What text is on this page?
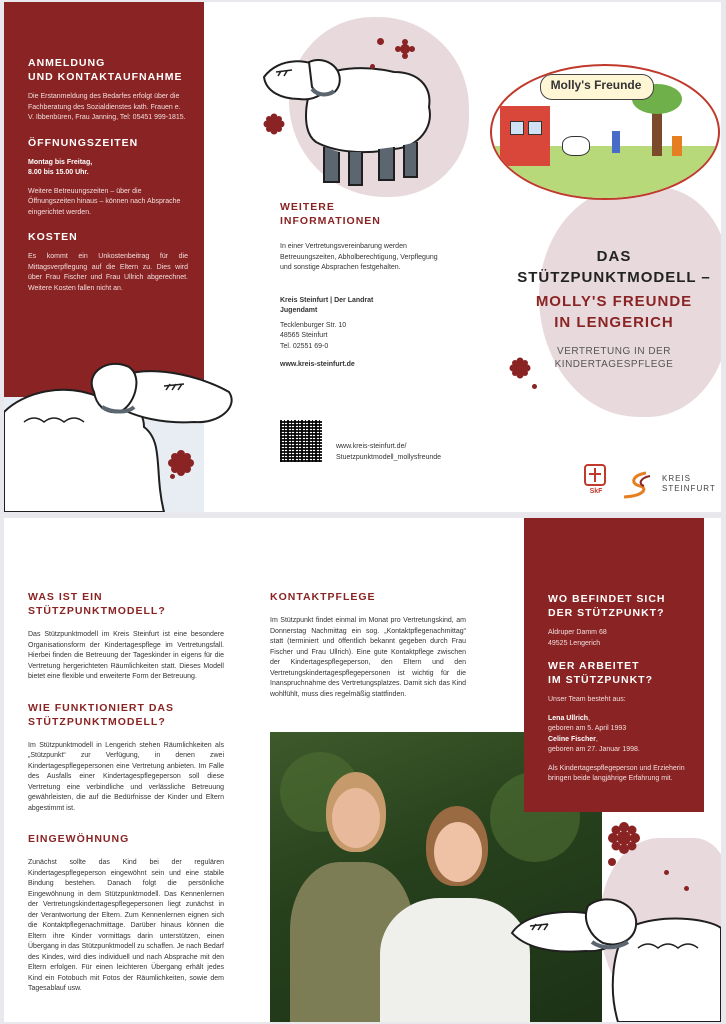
ANMELDUNG
UND KONTAKTAUFNAHME
Die Erstanmeldung des Bedarfes erfolgt über die Fachberatung des Sozialdienstes kath. Frauen e. V. Ibbenbüren, Frau Janning, Tel: 05451 999-1815.
ÖFFNUNGSZEITEN
Montag bis Freitag,
8.00 bis 15.00 Uhr.
Weitere Betreuungszeiten – über die Öffnungszeiten hinaus – können nach Absprache eingerichtet werden.
KOSTEN
Es kommt ein Unkostenbeitrag für die Mittagsverpflegung auf die Eltern zu. Dies wird über Frau Fischer und Frau Ullrich abgerechnet. Weitere Kosten fallen nicht an.
WEITERE
INFORMATIONEN
In einer Vertretungsvereinbarung werden Betreuungszeiten, Abholberechtigung, Verpflegung und sonstige Absprachen festgehalten.
Kreis Steinfurt | Der Landrat
Jugendamt
Tecklenburger Str. 10
48565 Steinfurt
Tel. 02551 69-0
www.kreis-steinfurt.de
www.kreis-steinfurt.de/
Stuetzpunktmodell_mollysfreunde
Molly's Freunde
DAS
STÜTZPUNKTMODELL –
MOLLY'S FREUNDE
IN LENGERICH
VERTRETUNG IN DER
KINDERTAGESPFLEGE
SkF
KREIS
STEINFURT
WAS IST EIN
STÜTZPUNKTMODELL?
Das Stützpunktmodell im Kreis Steinfurt ist eine besondere Organisationsform der Kindertagespflege im Vertretungsfall. Hierbei finden die Betreuung der Tageskinder in eigens für die Vertretung hergerichteten Räumlichkeiten statt. Dieses Modell bietet eine flexible und erweiterte Form der Betreuung.
WIE FUNKTIONIERT DAS
STÜTZPUNKTMODELL?
Im Stützpunktmodell in Lengerich stehen Räumlichkeiten als „Stützpunkt“ zur Verfügung, in denen zwei Kindertagespflegepersonen eine Vertretung anbieten. Im Falle des Ausfalls einer Kindertagespflegeperson soll diese Vertretung eine verbindliche und verlässliche Betreuung gewährleisten, die auf die Bedürfnisse der Kinder und Eltern abgestimmt ist.
EINGEWÖHNUNG
Zunächst sollte das Kind bei der regulären Kindertagespflegeperson eingewöhnt sein und eine stabile Bindung bestehen. Danach folgt die persönliche Eingewöhnung in dem Stützpunktmodell. Das Kennenlernen der Vertretungskindertagespflegepersonen liegt zunächst in der Verantwortung der Eltern. Zum Kennenlernen eignen sich die Kontaktpflegenachmittage. Darüber hinaus können die Eltern ihre Kinder vormittags darin unterstützen, einen Übergang in das Stützpunktmodell zu schaffen. Je nach Bedarf des Kindes, wird dies individuell und nach Absprache mit den Eltern erfolgen. Für einen leichteren Übergang erhält jedes Kind ein Fotobuch mit Fotos der Räumlichkeiten, sowie dem Tagesablauf usw.
KONTAKTPFLEGE
Im Stützpunkt findet einmal im Monat pro Vertretungskind, am Donnerstag Nachmittag ein sog. „Kontaktpflegenachmittag“ statt (terminiert und öffentlich bekannt gegeben durch Frau Fischer und Frau Ullrich). Eine gute Kontaktpflege zwischen der Kindertagespflegeperson, den Eltern und den Vertretungskindertagespflegepersonen ist wichtig für die Inanspruchnahme des Vertretungsplatzes. Damit sich das Kind wohlfühlt, muss dies regelmäßig stattfinden.
WO BEFINDET SICH
DER STÜTZPUNKT?
Aldruper Damm 68
49525 Lengerich
WER ARBEITET
IM STÜTZPUNKT?
Unser Team besteht aus:
Lena Ullrich,
geboren am 5. April 1993
Celine Fischer,
geboren am 27. Januar 1998.
Als Kindertagespflegeperson und Erzieherin bringen beide langjährige Erfahrung mit.
